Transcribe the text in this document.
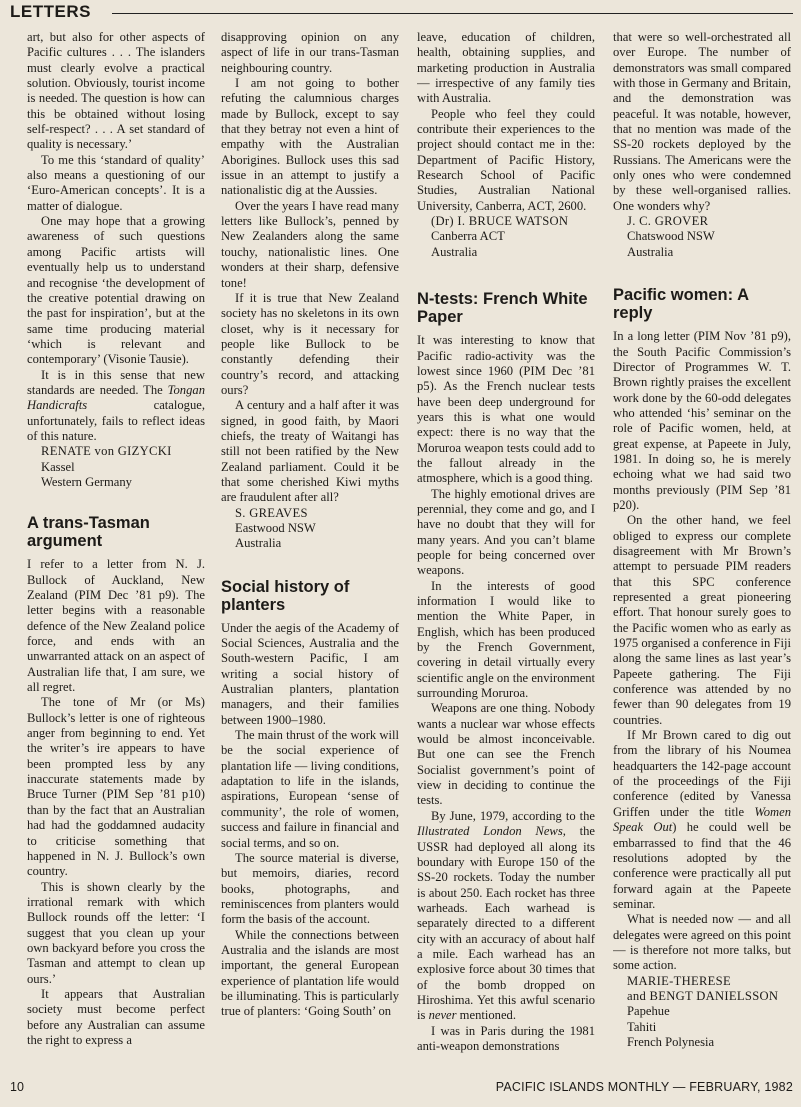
LETTERS

art, but also for other aspects of Pacific cultures . . . The islanders must clearly evolve a practical solution. Obviously, tourist income is needed. The question is how can this be obtained without losing self-respect? . . . A set standard of quality is necessary.’

To me this ‘standard of quality’ also means a questioning of our ‘Euro-American concepts’. It is a matter of dialogue.

One may hope that a growing awareness of such questions among Pacific artists will eventually help us to understand and recognise ‘the development of the creative potential drawing on the past for inspiration’, but at the same time producing material ‘which is relevant and contemporary’ (Visonie Tausie).

It is in this sense that new standards are needed. The Tongan Handicrafts catalogue, unfortunately, fails to reflect ideas of this nature.

RENATE von GIZYCKI

Kassel

Western Germany

A trans-Tasman argument

I refer to a letter from N. J. Bullock of Auckland, New Zealand (PIM Dec ’81 p9). The letter begins with a reasonable defence of the New Zealand police force, and ends with an unwarranted attack on an aspect of Australian life that, I am sure, we all regret.

The tone of Mr (or Ms) Bullock’s letter is one of righteous anger from beginning to end. Yet the writer’s ire appears to have been prompted less by any inaccurate statements made by Bruce Turner (PIM Sep ’81 p10) than by the fact that an Australian had had the goddamned audacity to criticise something that happened in N. J. Bullock’s own country.

This is shown clearly by the irrational remark with which Bullock rounds off the letter: ‘I suggest that you clean up your own backyard before you cross the Tasman and attempt to clean up ours.’

It appears that Australian society must become perfect before any Australian can assume the right to express a

disapproving opinion on any aspect of life in our trans-Tasman neighbouring country.

I am not going to bother refuting the calumnious charges made by Bullock, except to say that they betray not even a hint of empathy with the Australian Aborigines. Bullock uses this sad issue in an attempt to justify a nationalistic dig at the Aussies.

Over the years I have read many letters like Bullock’s, penned by New Zealanders along the same touchy, nationalistic lines. One wonders at their sharp, defensive tone!

If it is true that New Zealand society has no skeletons in its own closet, why is it necessary for people like Bullock to be constantly defending their country’s record, and attacking ours?

A century and a half after it was signed, in good faith, by Maori chiefs, the treaty of Waitangi has still not been ratified by the New Zealand parliament. Could it be that some cherished Kiwi myths are fraudulent after all?

S. GREAVES

Eastwood NSW

Australia

Social history of planters

Under the aegis of the Academy of Social Sciences, Australia and the South-western Pacific, I am writing a social history of Australian planters, plantation managers, and their families between 1900–1980.

The main thrust of the work will be the social experience of plantation life — living conditions, adaptation to life in the islands, aspirations, European ‘sense of community’, the role of women, success and failure in financial and social terms, and so on.

The source material is diverse, but memoirs, diaries, record books, photographs, and reminiscences from planters would form the basis of the account.

While the connections between Australia and the islands are most important, the general European experience of plantation life would be illuminating. This is particularly true of planters: ‘Going South’ on

leave, education of children, health, obtaining supplies, and marketing production in Australia — irrespective of any family ties with Australia.

People who feel they could contribute their experiences to the project should contact me in the: Department of Pacific History, Research School of Pacific Studies, Australian National University, Canberra, ACT, 2600.

(Dr) I. BRUCE WATSON

Canberra ACT

Australia

N-tests: French White Paper

It was interesting to know that Pacific radio-activity was the lowest since 1960 (PIM Dec ’81 p5). As the French nuclear tests have been deep underground for years this is what one would expect: there is no way that the Moruroa weapon tests could add to the fallout already in the atmosphere, which is a good thing.

The highly emotional drives are perennial, they come and go, and I have no doubt that they will for many years. And you can’t blame people for being concerned over weapons.

In the interests of good information I would like to mention the White Paper, in English, which has been produced by the French Government, covering in detail virtually every scientific angle on the environment surrounding Moruroa.

Weapons are one thing. Nobody wants a nuclear war whose effects would be almost inconceivable. But one can see the French Socialist government’s point of view in deciding to continue the tests.

By June, 1979, according to the Illustrated London News, the USSR had deployed all along its boundary with Europe 150 of the SS-20 rockets. Today the number is about 250. Each rocket has three warheads. Each warhead is separately directed to a different city with an accuracy of about half a mile. Each warhead has an explosive force about 30 times that of the bomb dropped on Hiroshima. Yet this awful scenario is never mentioned.

I was in Paris during the 1981 anti-weapon demonstrations

that were so well-orchestrated all over Europe. The number of demonstrators was small compared with those in Germany and Britain, and the demonstration was peaceful. It was notable, however, that no mention was made of the SS-20 rockets deployed by the Russians. The Americans were the only ones who were condemned by these well-organised rallies. One wonders why?

J. C. GROVER

Chatswood NSW

Australia

Pacific women: A reply

In a long letter (PIM Nov ’81 p9), the South Pacific Commission’s Director of Programmes W. T. Brown rightly praises the excellent work done by the 60-odd delegates who attended ‘his’ seminar on the role of Pacific women, held, at great expense, at Papeete in July, 1981. In doing so, he is merely echoing what we had said two months previously (PIM Sep ’81 p20).

On the other hand, we feel obliged to express our complete disagreement with Mr Brown’s attempt to persuade PIM readers that this SPC conference represented a great pioneering effort. That honour surely goes to the Pacific women who as early as 1975 organised a conference in Fiji along the same lines as last year’s Papeete gathering. The Fiji conference was attended by no fewer than 90 delegates from 19 countries.

If Mr Brown cared to dig out from the library of his Noumea headquarters the 142-page account of the proceedings of the Fiji conference (edited by Vanessa Griffen under the title Women Speak Out) he could well be embarrassed to find that the 46 resolutions adopted by the conference were practically all put forward again at the Papeete seminar.

What is needed now — and all delegates were agreed on this point — is therefore not more talks, but some action.

MARIE-THERESE

and BENGT DANIELSSON

Papehue

Tahiti

French Polynesia

10	PACIFIC ISLANDS MONTHLY — FEBRUARY, 1982
